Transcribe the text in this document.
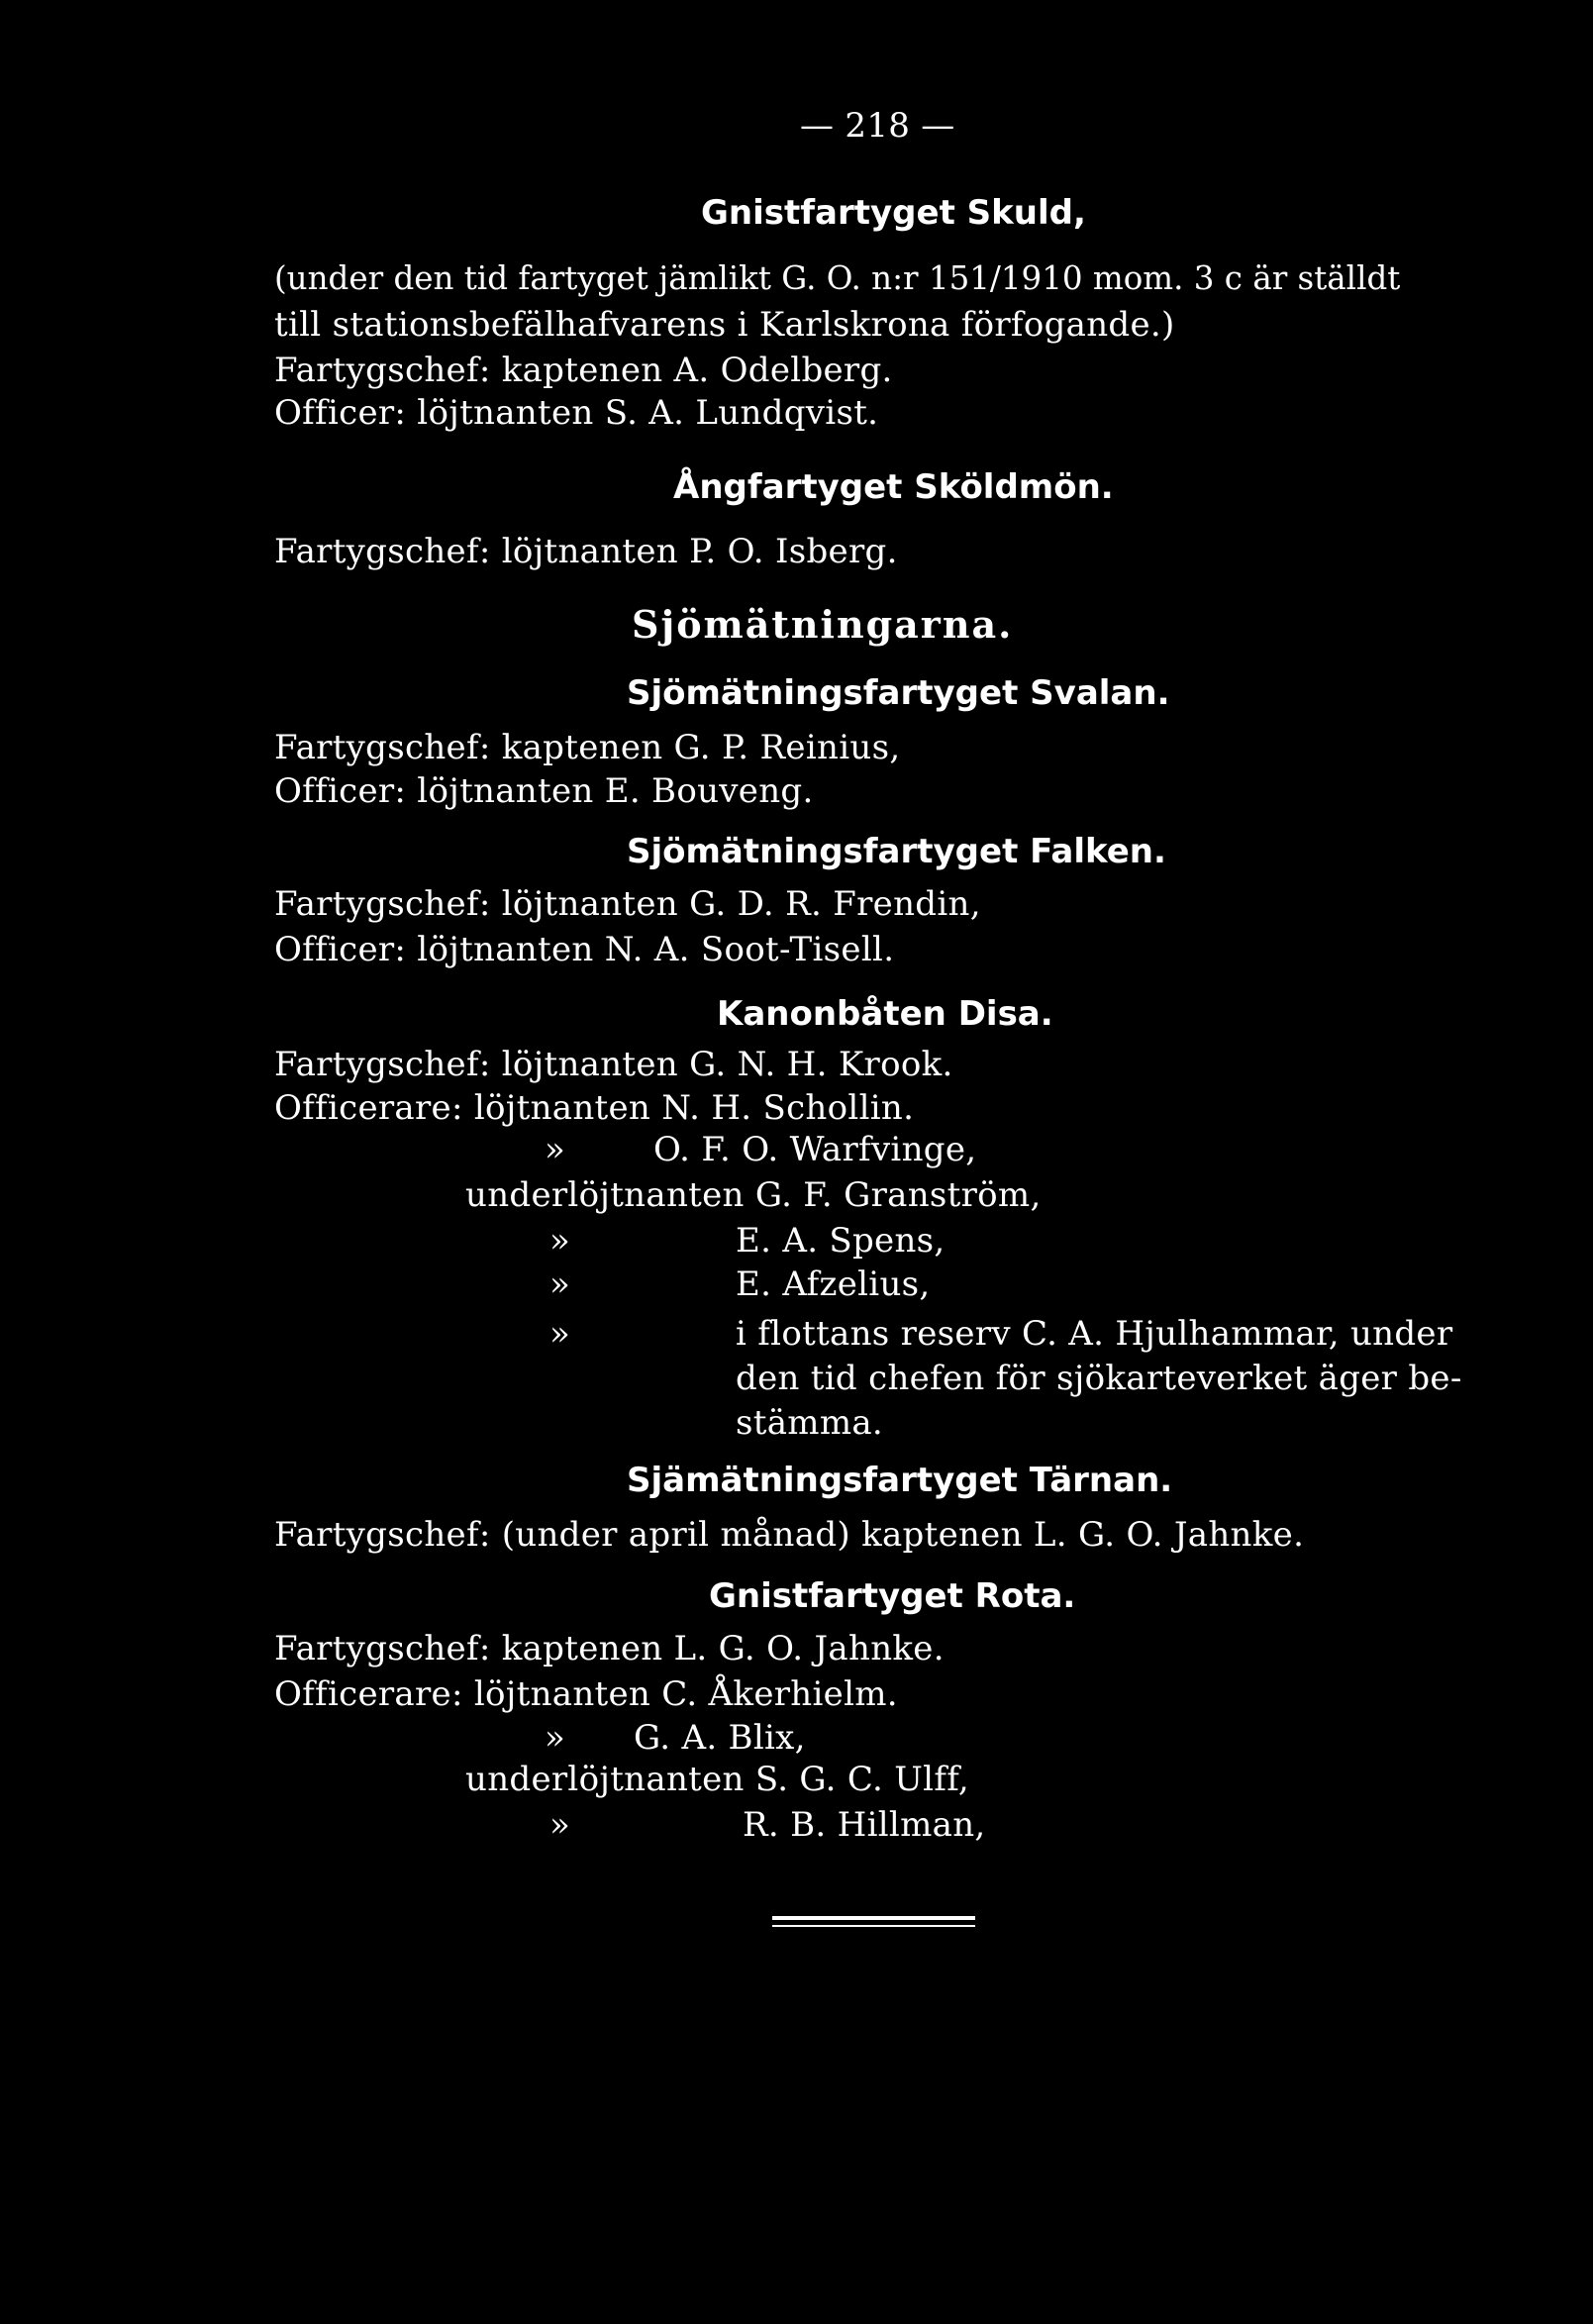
— 218 —
Gnistfartyget Skuld,
(under den tid fartyget jämlikt G. O. n:r 151/1910 mom. 3 c är ställdt
till stationsbefälhafvarens i Karlskrona förfogande.)
Fartygschef: kaptenen A. Odelberg.
Officer: löjtnanten S. A. Lundqvist.
Ångfartyget Sköldmön.
Fartygschef: löjtnanten P. O. Isberg.
Sjömätningarna.
Sjömätningsfartyget Svalan.
Fartygschef: kaptenen G. P. Reinius,
Officer: löjtnanten E. Bouveng.
Sjömätningsfartyget Falken.
Fartygschef: löjtnanten G. D. R. Frendin,
Officer: löjtnanten N. A. Soot-Tisell.
Kanonbåten Disa.
Fartygschef: löjtnanten G. N. H. Krook.
Officerare: löjtnanten N. H. Schollin.
»	O. F. O. Warfvinge,
underlöjtnanten G. F. Granström,
»	E. A. Spens,
»	E. Afzelius,
»	i flottans reserv C. A. Hjulhammar, under
den tid chefen för sjökarteverket äger be-
stämma.
Sjämätningsfartyget Tärnan.
Fartygschef: (under april månad) kaptenen L. G. O. Jahnke.
Gnistfartyget Rota.
Fartygschef: kaptenen L. G. O. Jahnke.
Officerare: löjtnanten C. Åkerhielm.
» G. A. Blix,
underlöjtnanten S. G. C. Ulff,
»	R. B. Hillman,
